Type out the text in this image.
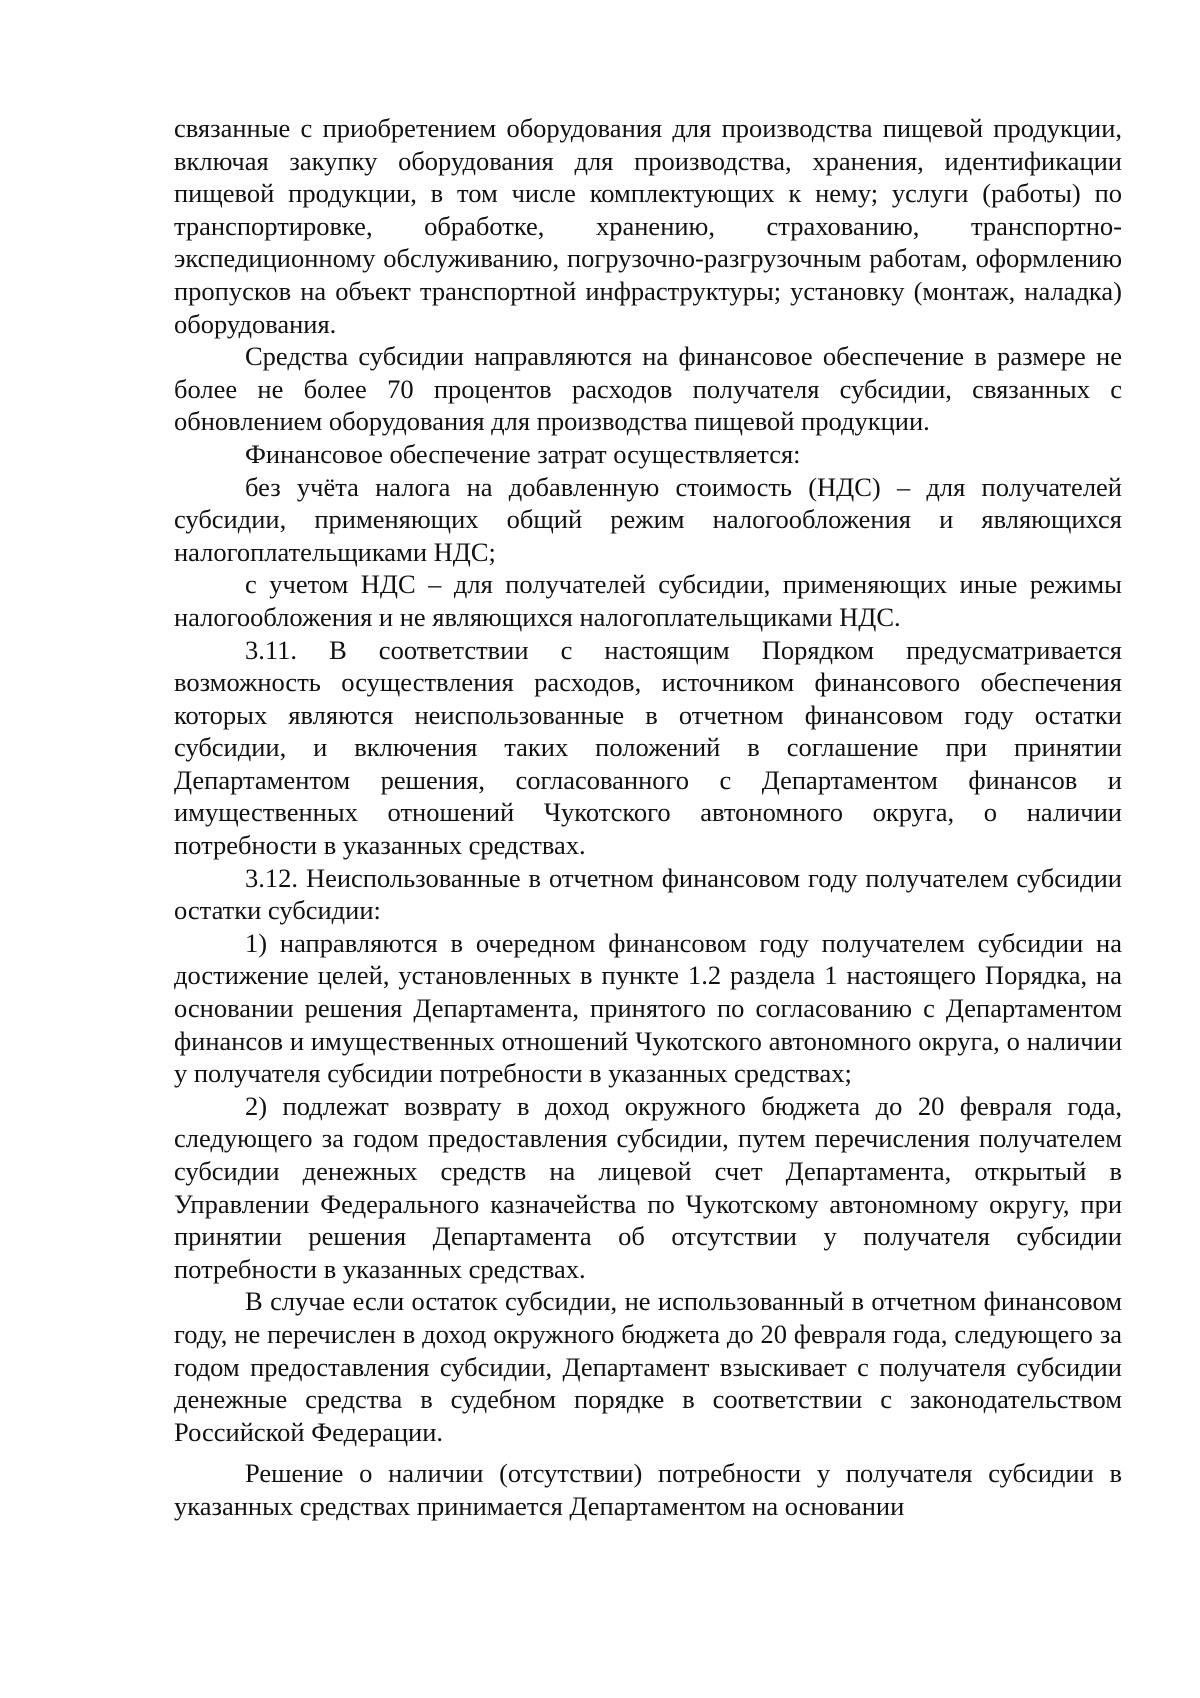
связанные с приобретением оборудования для производства пищевой продукции, включая закупку оборудования для производства, хранения, идентификации пищевой продукции, в том числе комплектующих к нему; услуги (работы) по транспортировке, обработке, хранению, страхованию, транспортно-экспедиционному обслуживанию, погрузочно-разгрузочным работам, оформлению пропусков на объект транспортной инфраструктуры; установку (монтаж, наладка) оборудования.

Средства субсидии направляются на финансовое обеспечение в размере не более не более 70 процентов расходов получателя субсидии, связанных с обновлением оборудования для производства пищевой продукции.

Финансовое обеспечение затрат осуществляется:

без учёта налога на добавленную стоимость (НДС) – для получателей субсидии, применяющих общий режим налогообложения и являющихся налогоплательщиками НДС;

с учетом НДС – для получателей субсидии, применяющих иные режимы налогообложения и не являющихся налогоплательщиками НДС.

3.11. В соответствии с настоящим Порядком предусматривается возможность осуществления расходов, источником финансового обеспечения которых являются неиспользованные в отчетном финансовом году остатки субсидии, и включения таких положений в соглашение при принятии Департаментом решения, согласованного с Департаментом финансов и имущественных отношений Чукотского автономного округа, о наличии потребности в указанных средствах.

3.12. Неиспользованные в отчетном финансовом году получателем субсидии остатки субсидии:

1) направляются в очередном финансовом году получателем субсидии на достижение целей, установленных в пункте 1.2 раздела 1 настоящего Порядка, на основании решения Департамента, принятого по согласованию с Департаментом финансов и имущественных отношений Чукотского автономного округа, о наличии у получателя субсидии потребности в указанных средствах;

2) подлежат возврату в доход окружного бюджета до 20 февраля года, следующего за годом предоставления субсидии, путем перечисления получателем субсидии денежных средств на лицевой счет Департамента, открытый в Управлении Федерального казначейства по Чукотскому автономному округу, при принятии решения Департамента об отсутствии у получателя субсидии потребности в указанных средствах.

В случае если остаток субсидии, не использованный в отчетном финансовом году, не перечислен в доход окружного бюджета до 20 февраля года, следующего за годом предоставления субсидии, Департамент взыскивает с получателя субсидии денежные средства в судебном порядке в соответствии с законодательством Российской Федерации.

Решение о наличии (отсутствии) потребности у получателя субсидии в указанных средствах принимается Департаментом на основании
